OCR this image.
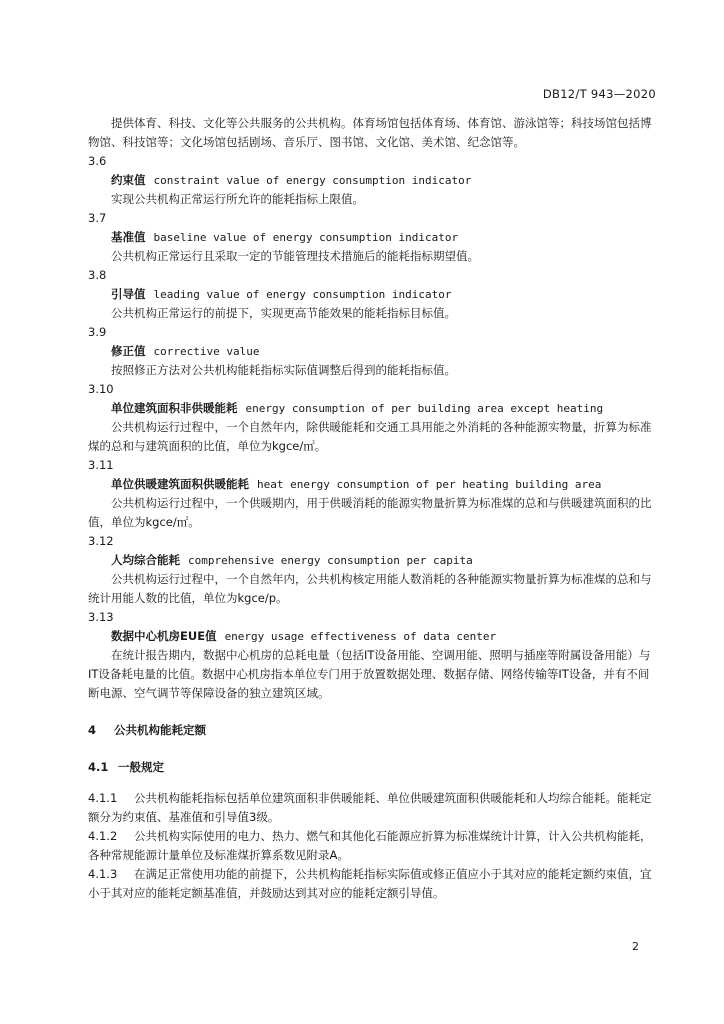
DB12/T 943—2020

提供体育、科技、文化等公共服务的公共机构。体育场馆包括体育场、体育馆、游泳馆等；科技场馆包括博物馆、科技馆等；文化场馆包括剧场、音乐厅、图书馆、文化馆、美术馆、纪念馆等。

3.6

约束值 constraint value of energy consumption indicator

实现公共机构正常运行所允许的能耗指标上限值。

3.7

基准值 baseline value of energy consumption indicator

公共机构正常运行且采取一定的节能管理技术措施后的能耗指标期望值。

3.8

引导值 leading value of energy consumption indicator

公共机构正常运行的前提下，实现更高节能效果的能耗指标目标值。

3.9

修正值 corrective value

按照修正方法对公共机构能耗指标实际值调整后得到的能耗指标值。

3.10

单位建筑面积非供暖能耗 energy consumption of per building area except heating

公共机构运行过程中，一个自然年内，除供暖能耗和交通工具用能之外消耗的各种能源实物量，折算为标准煤的总和与建筑面积的比值，单位为kgce/㎡。

3.11

单位供暖建筑面积供暖能耗 heat energy consumption of per heating building area

公共机构运行过程中，一个供暖期内，用于供暖消耗的能源实物量折算为标准煤的总和与供暖建筑面积的比值，单位为kgce/㎡。

3.12

人均综合能耗 comprehensive energy consumption per capita

公共机构运行过程中，一个自然年内，公共机构核定用能人数消耗的各种能源实物量折算为标准煤的总和与统计用能人数的比值，单位为kgce/p。

3.13

数据中心机房EUE值 energy usage effectiveness of data center

在统计报告期内，数据中心机房的总耗电量（包括IT设备用能、空调用能、照明与插座等附属设备用能）与IT设备耗电量的比值。数据中心机房指本单位专门用于放置数据处理、数据存储、网络传输等IT设备，并有不间断电源、空气调节等保障设备的独立建筑区域。

4 公共机构能耗定额

4.1 一般规定

4.1.1 公共机构能耗指标包括单位建筑面积非供暖能耗、单位供暖建筑面积供暖能耗和人均综合能耗。能耗定额分为约束值、基准值和引导值3级。

4.1.2 公共机构实际使用的电力、热力、燃气和其他化石能源应折算为标准煤统计计算，计入公共机构能耗，各种常规能源计量单位及标准煤折算系数见附录A。

4.1.3 在满足正常使用功能的前提下，公共机构能耗指标实际值或修正值应小于其对应的能耗定额约束值，宜小于其对应的能耗定额基准值，并鼓励达到其对应的能耗定额引导值。

2
